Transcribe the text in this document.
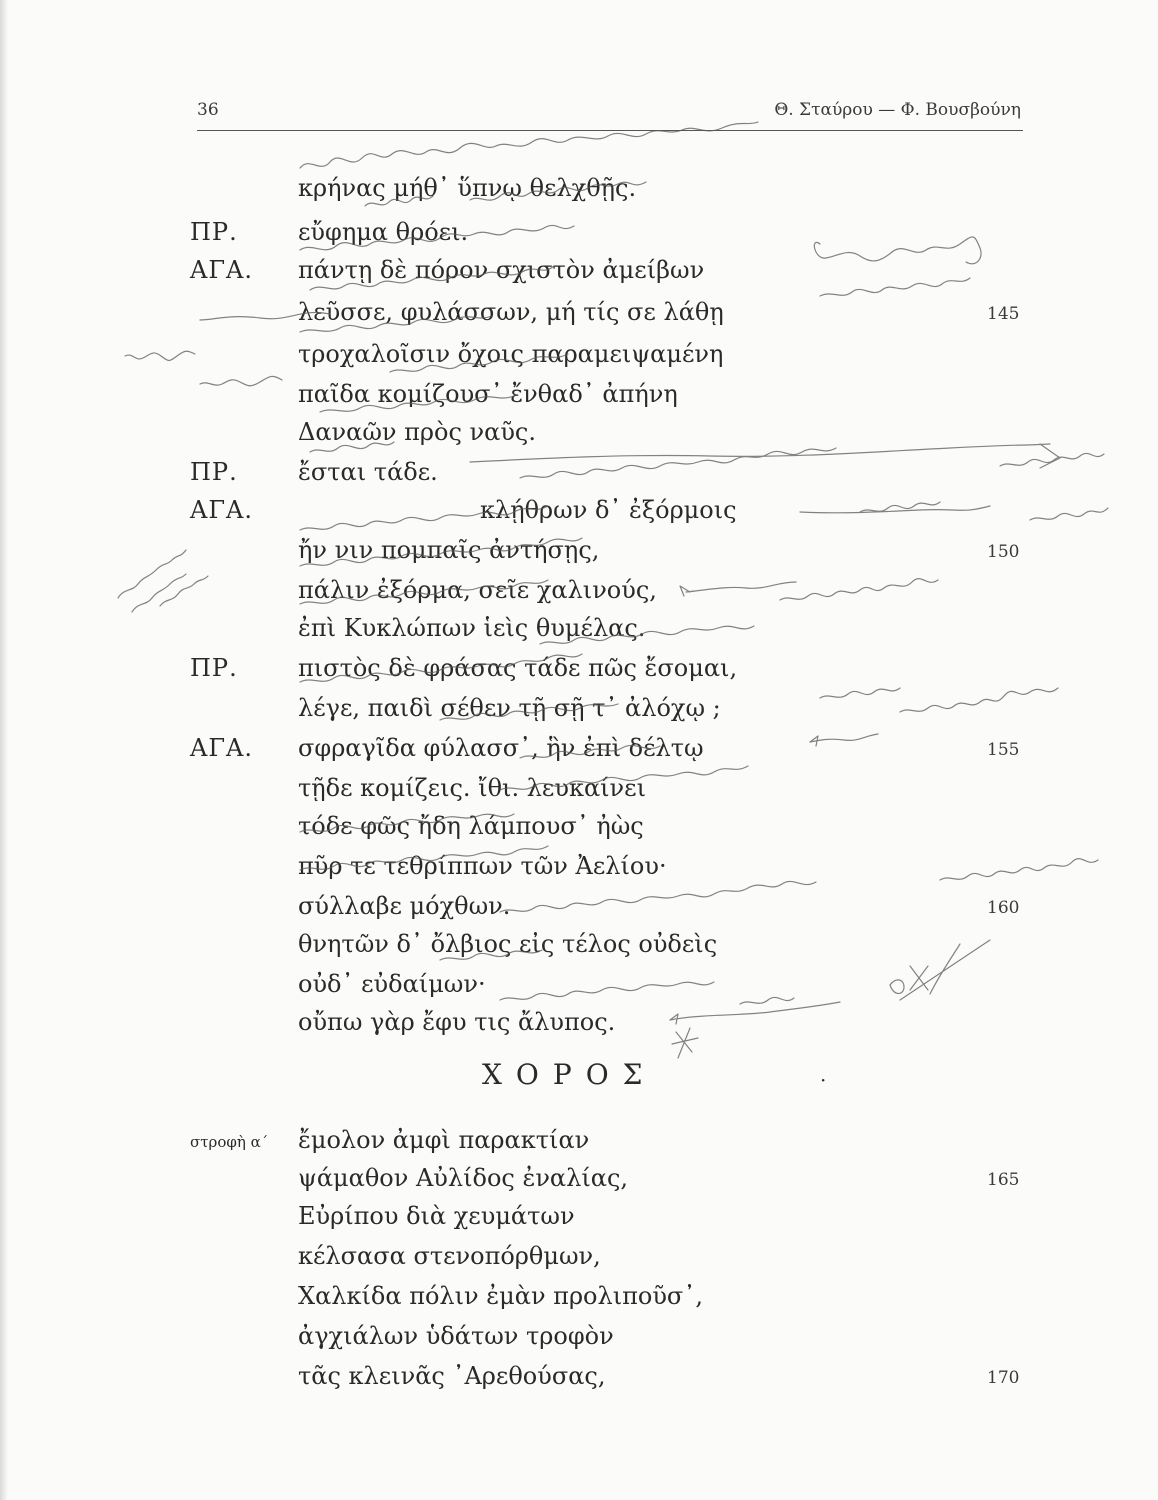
36	Θ. Σταύρου — Φ. Βουσβούνη
κρήνας μήθ᾽ ὕπνῳ θελχθῇς.
ΠΡ.	εὔφημα θρόει.
ΑΓΑ. πάντῃ δὲ πόρον σχιστὸν ἀμείβων
λεῦσσε, φυλάσσων, μή τίς σε λάθῃ	145
τροχαλοῖσιν ὄχοις παραμειψαμένη
παῖδα κομίζουσ᾽ ἔνθαδ᾽ ἀπήνη
Δαναῶν πρὸς ναῦς.
ΠΡ.	ἔσται τάδε.
ΑΓΑ.	κλῄθρων δ᾽ ἐξόρμοις
ἤν νιν πομπαῖς ἀντήσῃς,	150
πάλιν ἐξόρμα, σεῖε χαλινούς,
ἐπὶ Κυκλώπων ἱεὶς θυμέλας.
ΠΡ.	πιστὸς δὲ φράσας τάδε πῶς ἔσομαι,
λέγε, παιδὶ σέθεν τῇ σῇ τ᾽ ἀλόχῳ ;
ΑΓΑ. σφραγῖδα φύλασσ᾽, ἣν ἐπὶ δέλτῳ	155
τῇδε κομίζεις. ἴθι. λευκαίνει
τόδε φῶς ἤδη λάμπουσ᾽ ἠὼς
πῦρ τε τεθρίππων τῶν Ἀελίου·
σύλλαβε μόχθων.	160
θνητῶν δ᾽ ὄλβιος εἰς τέλος οὐδεὶς
οὐδ᾽ εὐδαίμων·
οὔπω γὰρ ἔφυ τις ἄλυπος.
ΧΟΡΟΣ	·
στροφὴ α´ ἔμολον ἀμφὶ παρακτίαν
ψάμαθον Αὐλίδος ἐναλίας,	165
Εὐρίπου διὰ χευμάτων
κέλσασα στενοπόρθμων,
Χαλκίδα πόλιν ἐμὰν προλιποῦσ᾽,
ἀγχιάλων ὑδάτων τροφὸν
τᾶς κλεινᾶς ᾿Αρεθούσας,	170
